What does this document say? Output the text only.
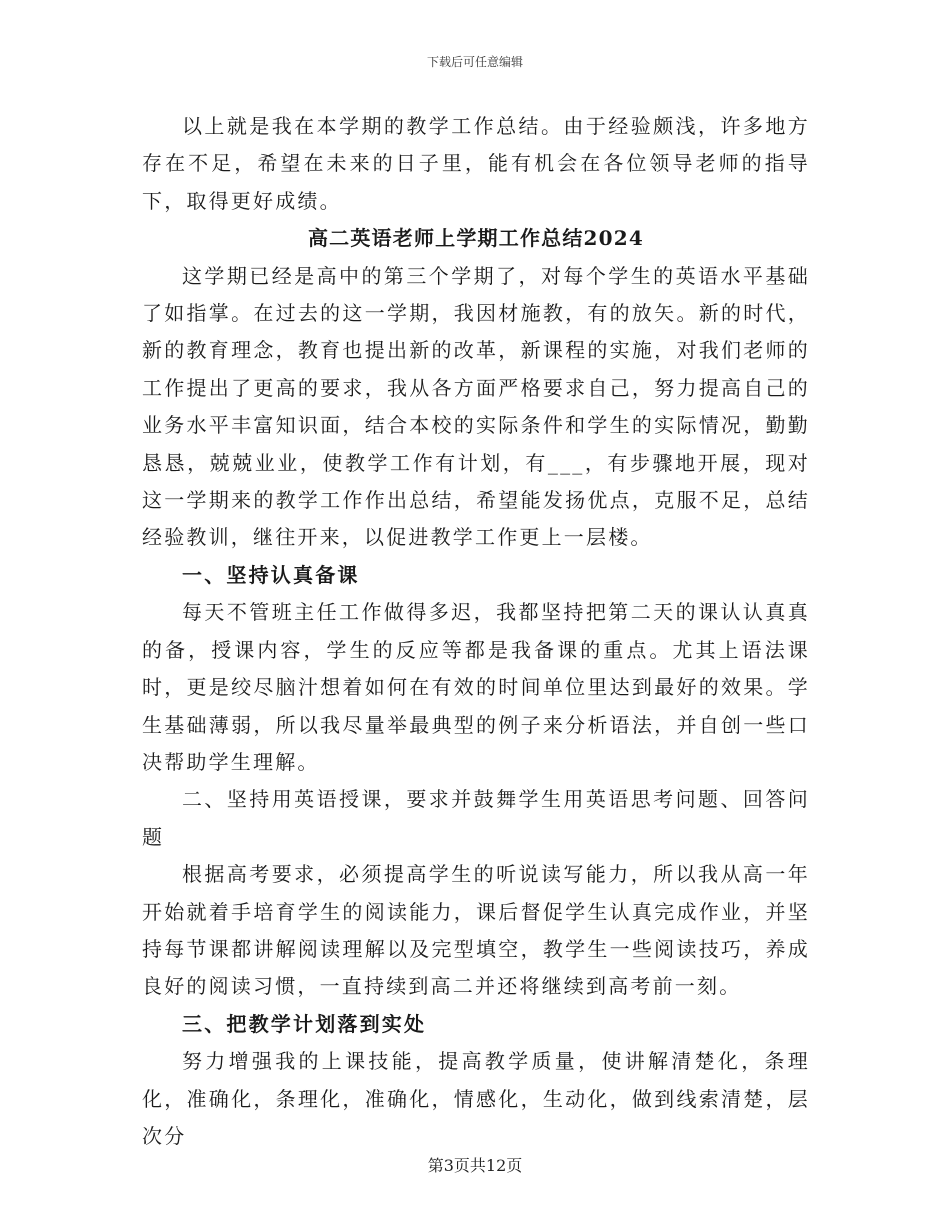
下载后可任意编辑

以上就是我在本学期的教学工作总结。由于经验颇浅，许多地方存在不足，希望在未来的日子里，能有机会在各位领导老师的指导下，取得更好成绩。

高二英语老师上学期工作总结2024

这学期已经是高中的第三个学期了，对每个学生的英语水平基础了如指掌。在过去的这一学期，我因材施教，有的放矢。新的时代，新的教育理念，教育也提出新的改革，新课程的实施，对我们老师的工作提出了更高的要求，我从各方面严格要求自己，努力提高自己的业务水平丰富知识面，结合本校的实际条件和学生的实际情况，勤勤恳恳，兢兢业业，使教学工作有计划，有___，有步骤地开展，现对这一学期来的教学工作作出总结，希望能发扬优点，克服不足，总结经验教训，继往开来，以促进教学工作更上一层楼。

一、坚持认真备课

每天不管班主任工作做得多迟，我都坚持把第二天的课认认真真的备，授课内容，学生的反应等都是我备课的重点。尤其上语法课时，更是绞尽脑汁想着如何在有效的时间单位里达到最好的效果。学生基础薄弱，所以我尽量举最典型的例子来分析语法，并自创一些口决帮助学生理解。

二、坚持用英语授课，要求并鼓舞学生用英语思考问题、回答问题

根据高考要求，必须提高学生的听说读写能力，所以我从高一年开始就着手培育学生的阅读能力，课后督促学生认真完成作业，并坚持每节课都讲解阅读理解以及完型填空，教学生一些阅读技巧，养成良好的阅读习惯，一直持续到高二并还将继续到高考前一刻。

三、把教学计划落到实处

努力增强我的上课技能，提高教学质量，使讲解清楚化，条理化，准确化，条理化，准确化，情感化，生动化，做到线索清楚，层次分

第3页共12页
